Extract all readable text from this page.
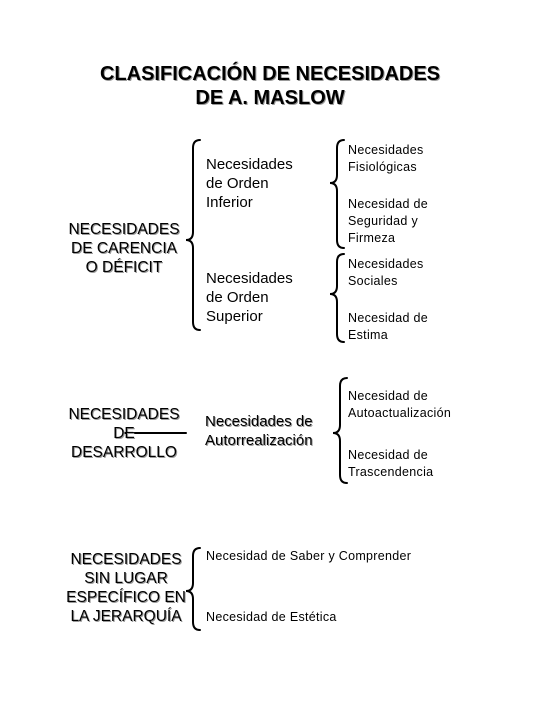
CLASIFICACIÓN DE NECESIDADES
DE A. MASLOW
NECESIDADES
DE CARENCIA
O DÉFICIT
Necesidades
de Orden
Inferior
Necesidades
de Orden
Superior
Necesidades
Fisiológicas
Necesidad de
Seguridad y
Firmeza
Necesidades
Sociales
Necesidad de
Estima
NECESIDADES
DE
DESARROLLO
Necesidades de
Autorrealización
Necesidad de
Autoactualización
Necesidad de
Trascendencia
NECESIDADES
SIN LUGAR
ESPECÍFICO EN
LA JERARQUÍA
Necesidad de Saber y Comprender
Necesidad de Estética
